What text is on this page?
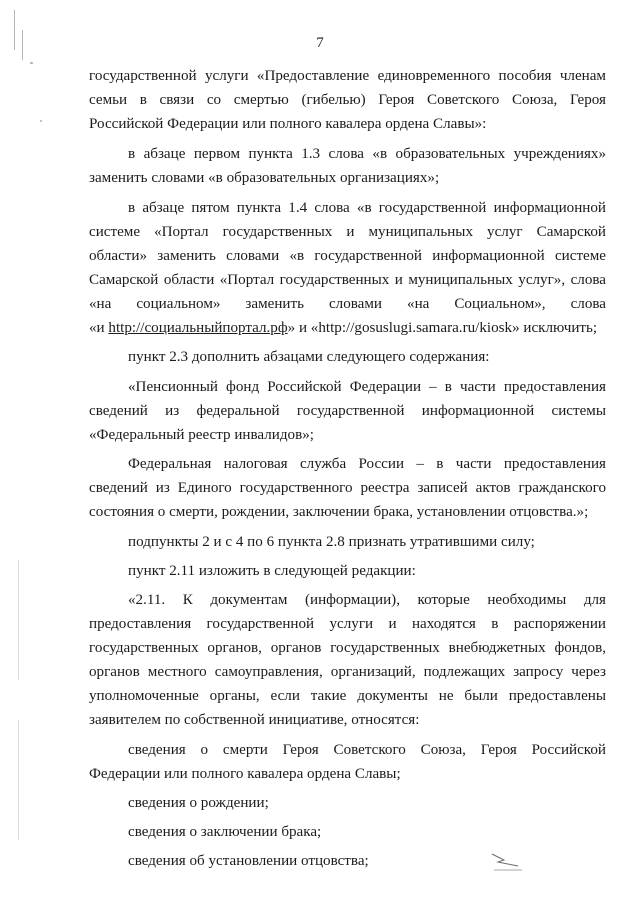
7
государственной услуги «Предоставление единовременного пособия членам
семьи в связи со смертью (гибелью) Героя Советского Союза, Героя
Российской Федерации или полного кавалера ордена Славы»:
в абзаце первом пункта 1.3 слова «в образовательных учреждениях»
заменить словами «в образовательных организациях»;
в абзаце пятом пункта 1.4 слова «в государственной информационной
системе «Портал государственных и муниципальных услуг Самарской
области» заменить словами «в государственной информационной системе
Самарской области «Портал государственных и муниципальных услуг», слова
«на социальном» заменить словами «на Социальном», слова
«и http://социальныйпортал.рф» и «http://gosuslugi.samara.ru/kiosk» исключить;
пункт 2.3 дополнить абзацами следующего содержания:
«Пенсионный фонд Российской Федерации – в части предоставления
сведений из федеральной государственной информационной системы
«Федеральный реестр инвалидов»;
Федеральная налоговая служба России – в части предоставления
сведений из Единого государственного реестра записей актов гражданского
состояния о смерти, рождении, заключении брака, установлении отцовства.»;
подпункты 2 и с 4 по 6 пункта 2.8 признать утратившими силу;
пункт 2.11 изложить в следующей редакции:
«2.11. К документам (информации), которые необходимы для
предоставления государственной услуги и находятся в распоряжении
государственных органов, органов государственных внебюджетных фондов,
органов местного самоуправления, организаций, подлежащих запросу через
уполномоченные органы, если такие документы не были предоставлены
заявителем по собственной инициативе, относятся:
сведения о смерти Героя Советского Союза, Героя Российской
Федерации или полного кавалера ордена Славы;
сведения о рождении;
сведения о заключении брака;
сведения об установлении отцовства;
